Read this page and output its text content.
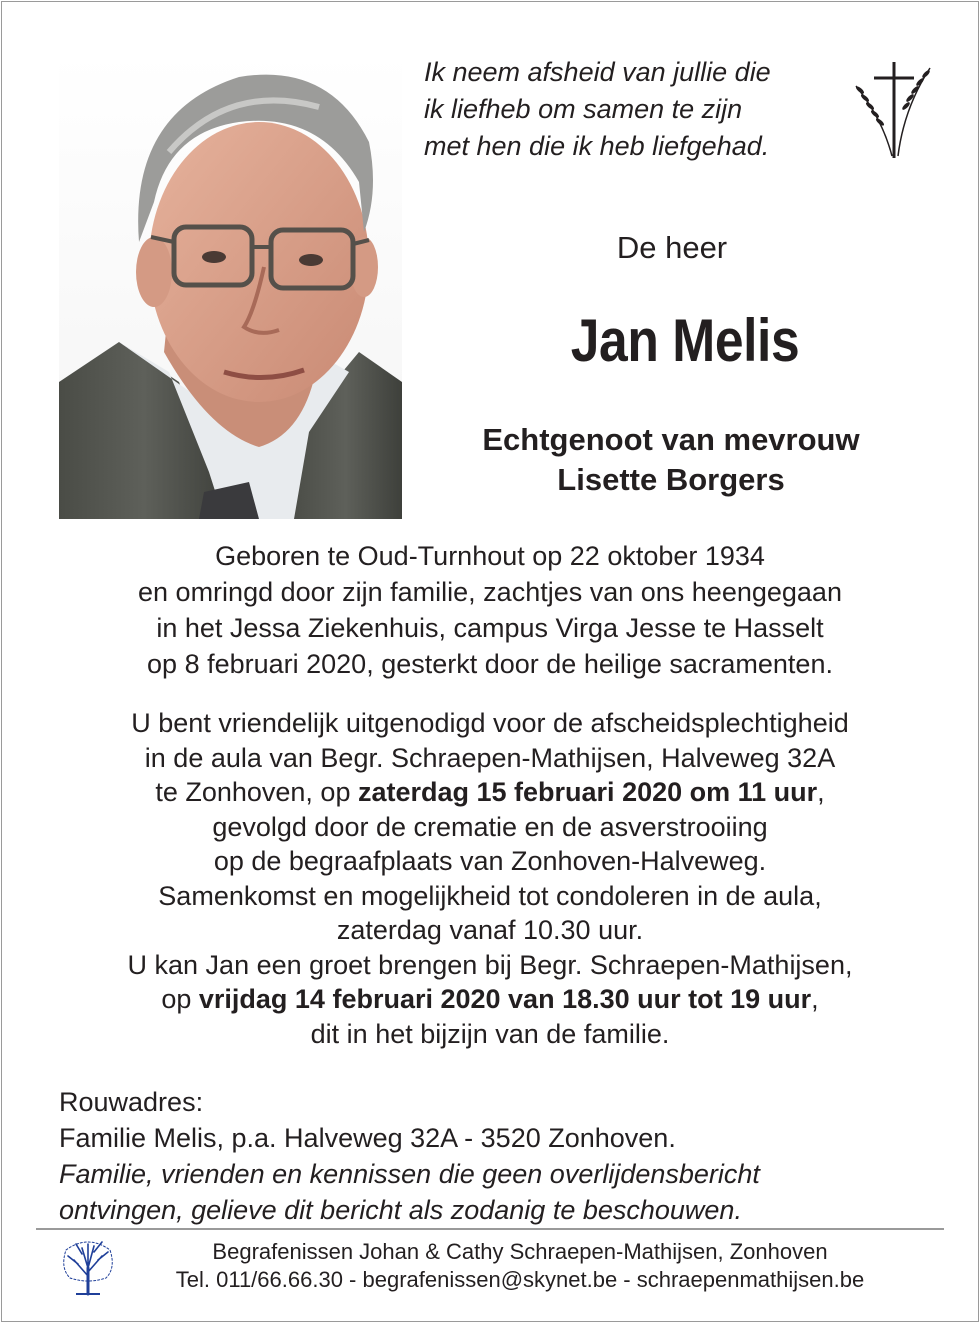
Ik neem afsheid van jullie die
ik liefheb om samen te zijn
met hen die ik heb liefgehad.
De heer
Jan Melis
Echtgenoot van mevrouw
Lisette Borgers
Geboren te Oud-Turnhout op 22 oktober 1934
en omringd door zijn familie, zachtjes van ons heengegaan
in het Jessa Ziekenhuis, campus Virga Jesse te Hasselt
op 8 februari 2020, gesterkt door de heilige sacramenten.

U bent vriendelijk uitgenodigd voor de afscheidsplechtigheid

in de aula van Begr. Schraepen-Mathijsen, Halveweg 32A

te Zonhoven, op zaterdag 15 februari 2020 om 11 uur,

gevolgd door de crematie en de asverstrooiing

op de begraafplaats van Zonhoven-Halveweg.

Samenkomst en mogelijkheid tot condoleren in de aula,

zaterdag vanaf 10.30 uur.

U kan Jan een groet brengen bij Begr. Schraepen-Mathijsen,

op vrijdag 14 februari 2020 van 18.30 uur tot 19 uur,

dit in het bijzijn van de familie.

Rouwadres:

Familie Melis, p.a. Halveweg 32A - 3520 Zonhoven.

Familie, vrienden en kennissen die geen overlijdensbericht

ontvingen, gelieve dit bericht als zodanig te beschouwen.

Begrafenissen Johan & Cathy Schraepen-Mathijsen, Zonhoven

Tel. 011/66.66.30 - begrafenissen@skynet.be - schraepenmathijsen.be
